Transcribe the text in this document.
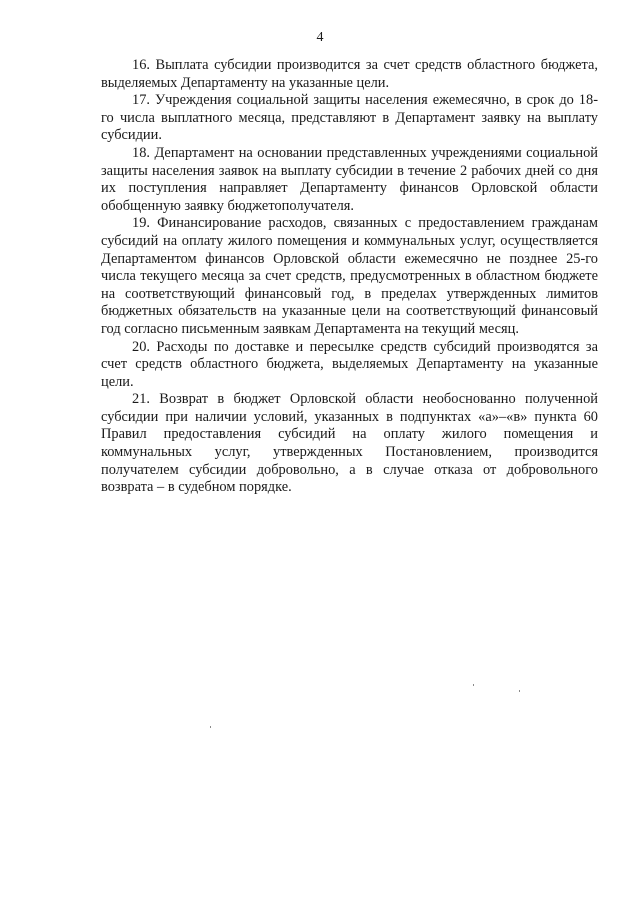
4

16. Выплата субсидии производится за счет средств областного бюджета, выделяемых Департаменту на указанные цели.

17. Учреждения социальной защиты населения ежемесячно, в срок до 18-го числа выплатного месяца, представляют в Департамент заявку на выплату субсидии.

18. Департамент на основании представленных учреждениями социальной защиты населения заявок на выплату субсидии в течение 2 рабочих дней со дня их поступления направляет Департаменту финансов Орловской области обобщенную заявку бюджетополучателя.

19. Финансирование расходов, связанных с предоставлением гражданам субсидий на оплату жилого помещения и коммунальных услуг, осуществляется Департаментом финансов Орловской области ежемесячно не позднее 25-го числа текущего месяца за счет средств, предусмотренных в областном бюджете на соответствующий финансовый год, в пределах утвержденных лимитов бюджетных обязательств на указанные цели на соответствующий финансовый год согласно письменным заявкам Департамента на текущий месяц.

20. Расходы по доставке и пересылке средств субсидий производятся за счет средств областного бюджета, выделяемых Департаменту на указанные цели.

21. Возврат в бюджет Орловской области необоснованно полученной субсидии при наличии условий, указанных в подпунктах «а»–«в» пункта 60 Правил предоставления субсидий на оплату жилого помещения и коммунальных услуг, утвержденных Постановлением, производится получателем субсидии добровольно, а в случае отказа от добровольного возврата – в судебном порядке.
